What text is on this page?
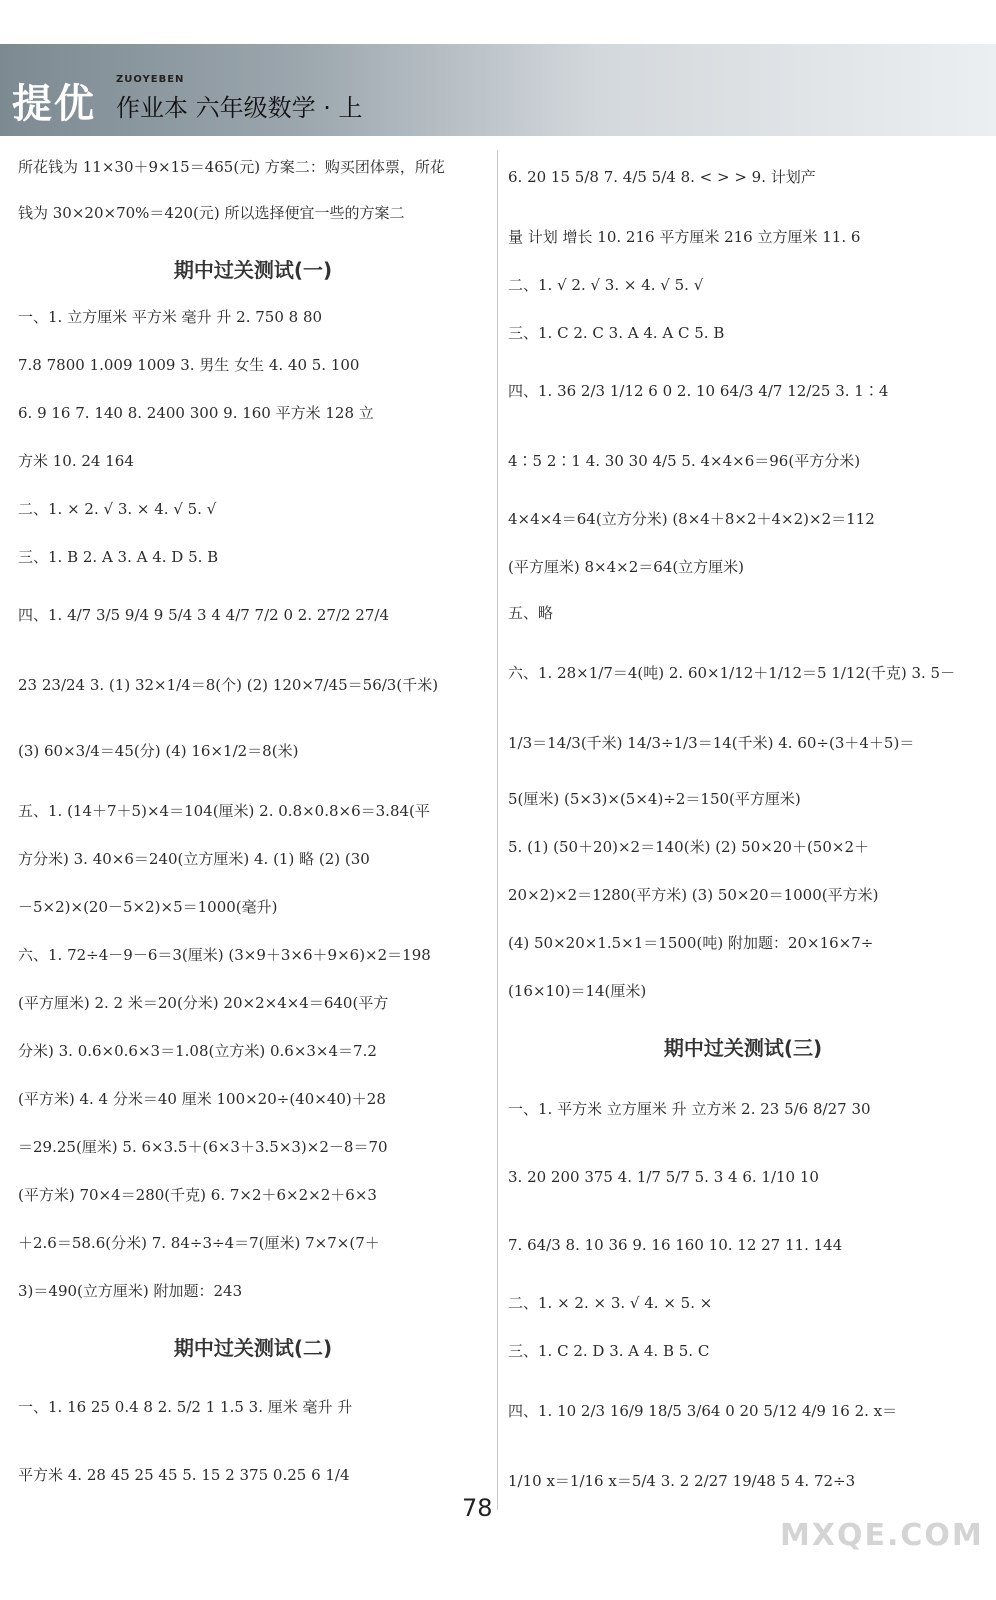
提优
ZUOYEBEN
作业本 六年级数学 · 上
所花钱为 11×30＋9×15＝465(元) 方案二：购买团体票，所花
钱为 30×20×70%＝420(元) 所以选择便宜一些的方案二
期中过关测试(一)
一、1. 立方厘米 平方米 毫升 升 2. 750 8 80
7.8 7800 1.009 1009 3. 男生 女生 4. 40 5. 100
6. 9 16 7. 140 8. 2400 300 9. 160 平方米 128 立
方米 10. 24 164
二、1. × 2. √ 3. × 4. √ 5. √
三、1. B 2. A 3. A 4. D 5. B
四、1. 4/7 3/5 9/4 9 5/4 3 4 4/7 7/2 0 2. 27/2 27/4
23 23/24 3. (1) 32×1/4＝8(个) (2) 120×7/45＝56/3(千米)
(3) 60×3/4＝45(分) (4) 16×1/2＝8(米)
五、1. (14＋7＋5)×4＝104(厘米) 2. 0.8×0.8×6＝3.84(平
方分米) 3. 40×6＝240(立方厘米) 4. (1) 略 (2) (30
－5×2)×(20－5×2)×5＝1000(毫升)
六、1. 72÷4－9－6＝3(厘米) (3×9＋3×6＋9×6)×2＝198
(平方厘米) 2. 2 米＝20(分米) 20×2×4×4＝640(平方
分米) 3. 0.6×0.6×3＝1.08(立方米) 0.6×3×4＝7.2
(平方米) 4. 4 分米＝40 厘米 100×20÷(40×40)＋28
＝29.25(厘米) 5. 6×3.5＋(6×3＋3.5×3)×2－8＝70
(平方米) 70×4＝280(千克) 6. 7×2＋6×2×2＋6×3
＋2.6＝58.6(分米) 7. 84÷3÷4＝7(厘米) 7×7×(7＋
3)＝490(立方厘米) 附加题：243
期中过关测试(二)
一、1. 16 25 0.4 8 2. 5/2 1 1.5 3. 厘米 毫升 升
平方米 4. 28 45 25 45 5. 15 2 375 0.25 6 1/4
6. 20 15 5/8 7. 4/5 5/4 8. < > > 9. 计划产
量 计划 增长 10. 216 平方厘米 216 立方厘米 11. 6
二、1. √ 2. √ 3. × 4. √ 5. √
三、1. C 2. C 3. A 4. A C 5. B
四、1. 36 2/3 1/12 6 0 2. 10 64/3 4/7 12/25 3. 1∶4
4∶5 2∶1 4. 30 30 4/5 5. 4×4×6＝96(平方分米)
4×4×4＝64(立方分米) (8×4＋8×2＋4×2)×2＝112
(平方厘米) 8×4×2＝64(立方厘米)
五、略
六、1. 28×1/7＝4(吨) 2. 60×1/12＋1/12＝5 1/12(千克) 3. 5－
1/3＝14/3(千米) 14/3÷1/3＝14(千米) 4. 60÷(3＋4＋5)＝
5(厘米) (5×3)×(5×4)÷2＝150(平方厘米)
5. (1) (50＋20)×2＝140(米) (2) 50×20＋(50×2＋
20×2)×2＝1280(平方米) (3) 50×20＝1000(平方米)
(4) 50×20×1.5×1＝1500(吨) 附加题：20×16×7÷
(16×10)＝14(厘米)
期中过关测试(三)
一、1. 平方米 立方厘米 升 立方米 2. 23 5/6 8/27 30
3. 20 200 375 4. 1/7 5/7 5. 3 4 6. 1/10 10
7. 64/3 8. 10 36 9. 16 160 10. 12 27 11. 144
二、1. × 2. × 3. √ 4. × 5. ×
三、1. C 2. D 3. A 4. B 5. C
四、1. 10 2/3 16/9 18/5 3/64 0 20 5/12 4/9 16 2. x＝
1/10 x＝1/16 x＝5/4 3. 2 2/27 19/48 5 4. 72÷3
78
MXQE.COM
